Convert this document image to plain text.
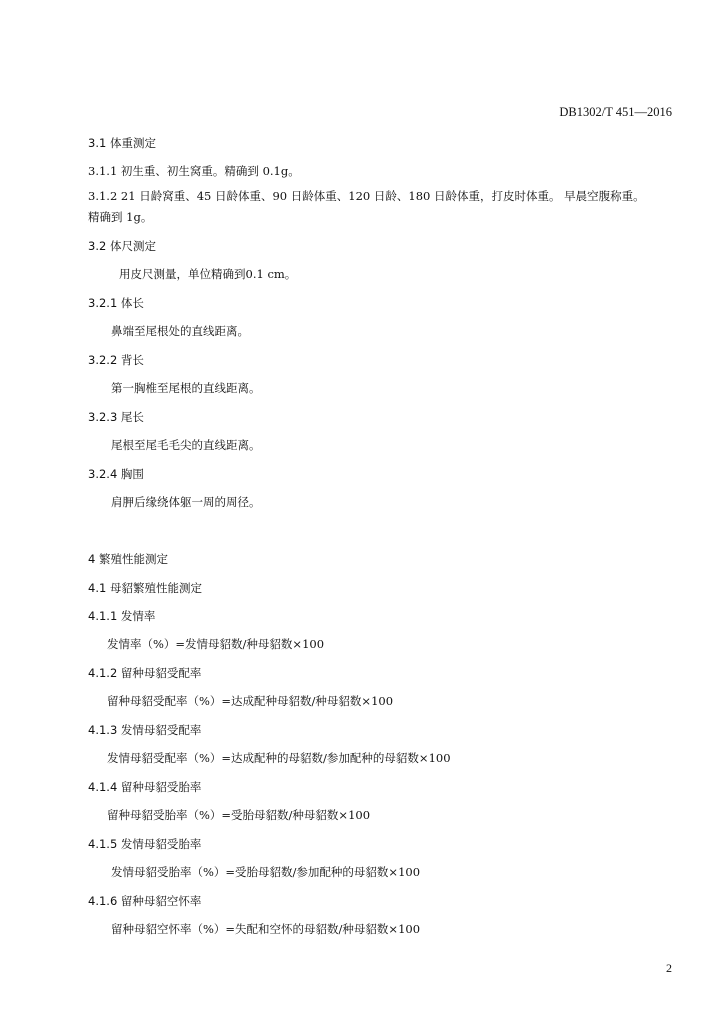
DB1302/T 451—2016
3.1 体重测定
3.1.1 初生重、初生窝重。精确到 0.1g。
3.1.2 21 日龄窝重、45 日龄体重、90 日龄体重、120 日龄、180 日龄体重，打皮时体重。 早晨空腹称重。
精确到 1g。
3.2 体尺测定
用皮尺测量，单位精确到0.1 cm。
3.2.1 体长
鼻端至尾根处的直线距离。
3.2.2 背长
第一胸椎至尾根的直线距离。
3.2.3 尾长
尾根至尾毛毛尖的直线距离。
3.2.4 胸围
肩胛后缘绕体躯一周的周径。
4 繁殖性能测定
4.1 母貂繁殖性能测定
4.1.1 发情率
发情率（%）=发情母貂数/种母貂数×100
4.1.2 留种母貂受配率
留种母貂受配率（%）=达成配种母貂数/种母貂数×100
4.1.3 发情母貂受配率
发情母貂受配率（%）=达成配种的母貂数/参加配种的母貂数×100
4.1.4 留种母貂受胎率
留种母貂受胎率（%）=受胎母貂数/种母貂数×100
4.1.5 发情母貂受胎率
发情母貂受胎率（%）=受胎母貂数/参加配种的母貂数×100
4.1.6 留种母貂空怀率
留种母貂空怀率（%）=失配和空怀的母貂数/种母貂数×100
2
